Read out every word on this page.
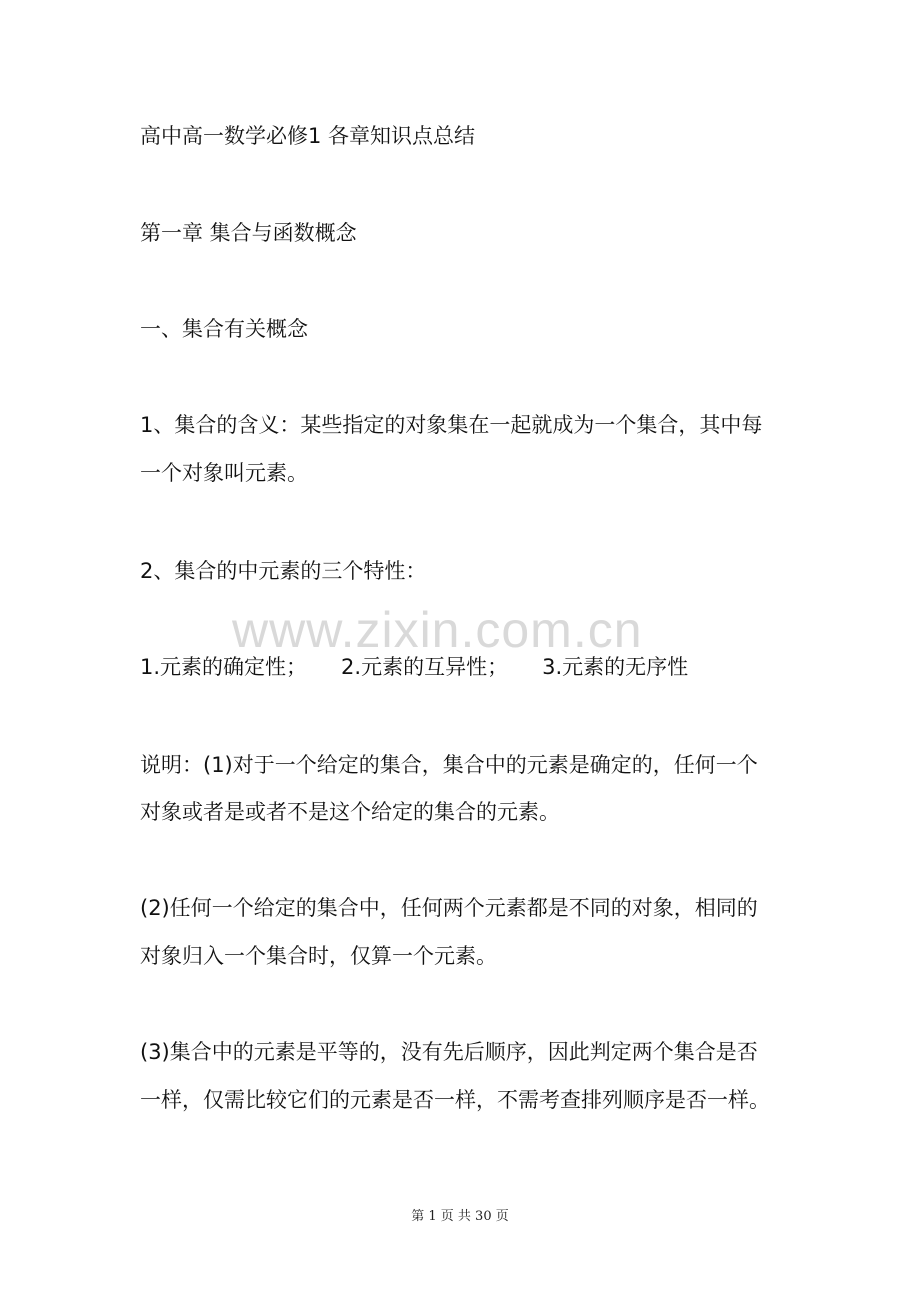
高中高一数学必修1 各章知识点总结
第一章 集合与函数概念
一、集合有关概念
1、集合的含义：某些指定的对象集在一起就成为一个集合，其中每
一个对象叫元素。
2、集合的中元素的三个特性：
www.zixin.com.cn
1.元素的确定性； 2.元素的互异性； 3.元素的无序性
说明：(1)对于一个给定的集合，集合中的元素是确定的，任何一个
对象或者是或者不是这个给定的集合的元素。
(2)任何一个给定的集合中，任何两个元素都是不同的对象，相同的
对象归入一个集合时，仅算一个元素。
(3)集合中的元素是平等的，没有先后顺序，因此判定两个集合是否
一样，仅需比较它们的元素是否一样，不需考查排列顺序是否一样。
第 1 页 共 30 页
